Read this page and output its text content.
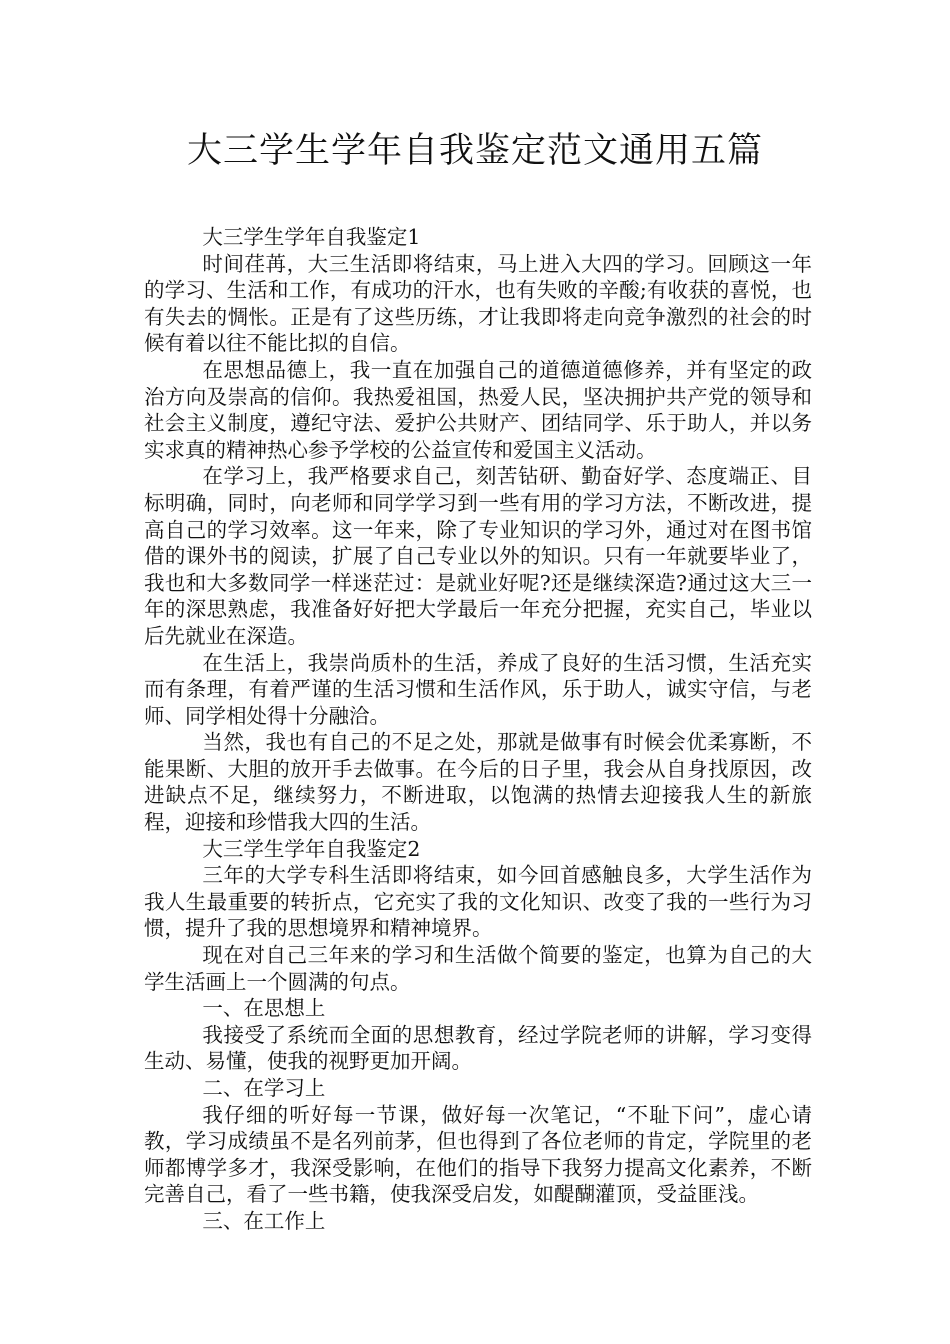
大三学生学年自我鉴定范文通用五篇

大三学生学年自我鉴定1

时间荏苒，大三生活即将结束，马上进入大四的学习。回顾这一年的学习、生活和工作，有成功的汗水，也有失败的辛酸;有收获的喜悦，也有失去的惆怅。正是有了这些历练，才让我即将走向竞争激烈的社会的时候有着以往不能比拟的自信。

在思想品德上，我一直在加强自己的道德道德修养，并有坚定的政治方向及崇高的信仰。我热爱祖国，热爱人民，坚决拥护共产党的领导和社会主义制度，遵纪守法、爱护公共财产、团结同学、乐于助人，并以务实求真的精神热心参予学校的公益宣传和爱国主义活动。

在学习上，我严格要求自己，刻苦钻研、勤奋好学、态度端正、目标明确，同时，向老师和同学学习到一些有用的学习方法，不断改进，提高自己的学习效率。这一年来，除了专业知识的学习外，通过对在图书馆借的课外书的阅读，扩展了自己专业以外的知识。只有一年就要毕业了，我也和大多数同学一样迷茫过：是就业好呢?还是继续深造?通过这大三一年的深思熟虑，我准备好好把大学最后一年充分把握，充实自己，毕业以后先就业在深造。

在生活上，我崇尚质朴的生活，养成了良好的生活习惯，生活充实而有条理，有着严谨的生活习惯和生活作风，乐于助人，诚实守信，与老师、同学相处得十分融洽。

当然，我也有自己的不足之处，那就是做事有时候会优柔寡断，不能果断、大胆的放开手去做事。在今后的日子里，我会从自身找原因，改进缺点不足，继续努力，不断进取，以饱满的热情去迎接我人生的新旅程，迎接和珍惜我大四的生活。

大三学生学年自我鉴定2

三年的大学专科生活即将结束，如今回首感触良多，大学生活作为我人生最重要的转折点，它充实了我的文化知识、改变了我的一些行为习惯，提升了我的思想境界和精神境界。

现在对自己三年来的学习和生活做个简要的鉴定，也算为自己的大学生活画上一个圆满的句点。

一、在思想上

我接受了系统而全面的思想教育，经过学院老师的讲解，学习变得生动、易懂，使我的视野更加开阔。

二、在学习上

我仔细的听好每一节课，做好每一次笔记，“不耻下问”，虚心请教，学习成绩虽不是名列前茅，但也得到了各位老师的肯定，学院里的老师都博学多才，我深受影响，在他们的指导下我努力提高文化素养，不断完善自己，看了一些书籍，使我深受启发，如醍醐灌顶，受益匪浅。

三、在工作上
